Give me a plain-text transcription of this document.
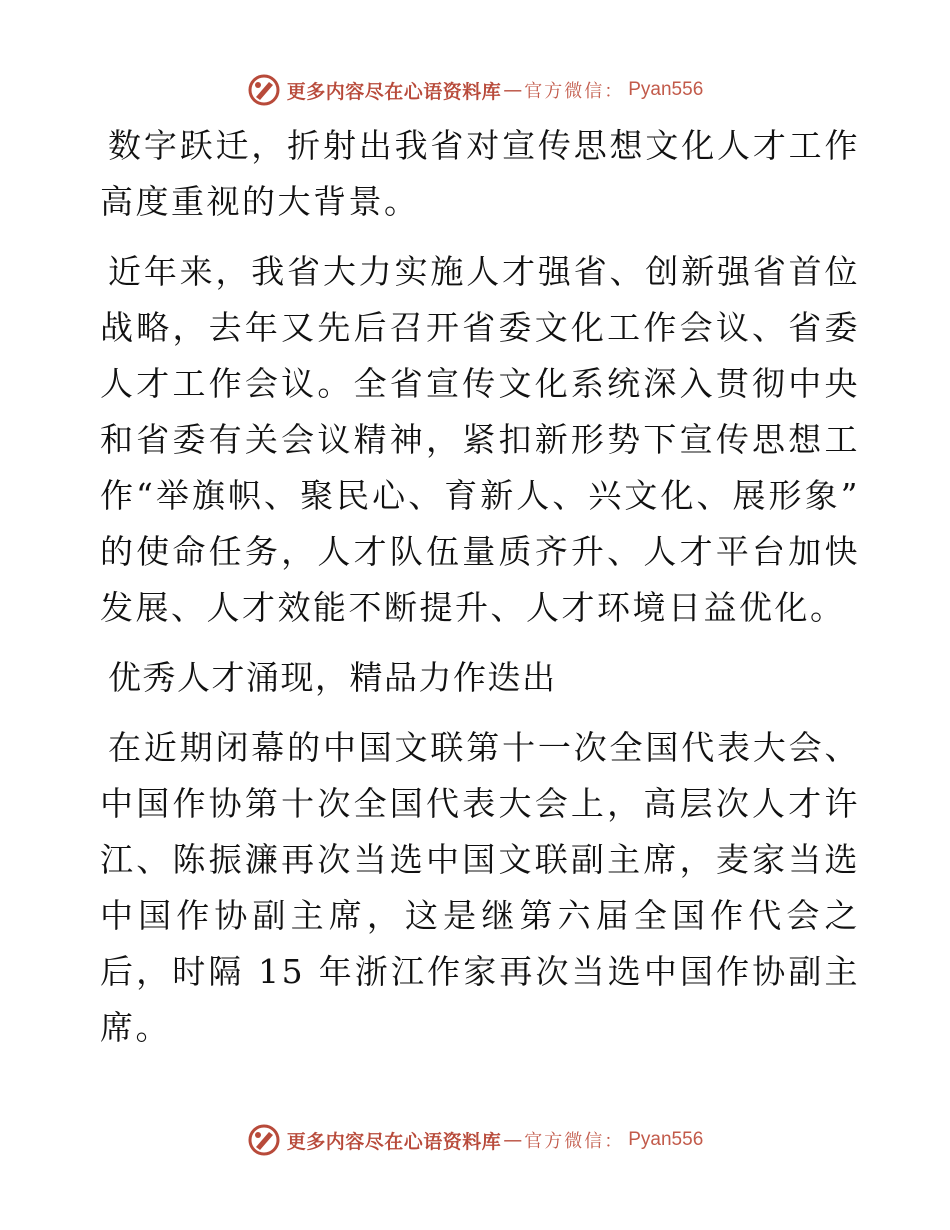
更多内容尽在心语资料库 — 官方微信： Pyan556

数字跃迁，折射出我省对宣传思想文化人才工作高度重视的大背景。

近年来，我省大力实施人才强省、创新强省首位战略，去年又先后召开省委文化工作会议、省委人才工作会议。全省宣传文化系统深入贯彻中央和省委有关会议精神，紧扣新形势下宣传思想工作“举旗帜、聚民心、育新人、兴文化、展形象” 的使命任务，人才队伍量质齐升、人才平台加快发展、人才效能不断提升、人才环境日益优化。

优秀人才涌现，精品力作迭出

在近期闭幕的中国文联第十一次全国代表大会、中国作协第十次全国代表大会上，高层次人才许江、陈振濂再次当选中国文联副主席，麦家当选中国作协副主席，这是继第六届全国作代会之后，时隔 15 年浙江作家再次当选中国作协副主席。

更多内容尽在心语资料库 — 官方微信： Pyan556
